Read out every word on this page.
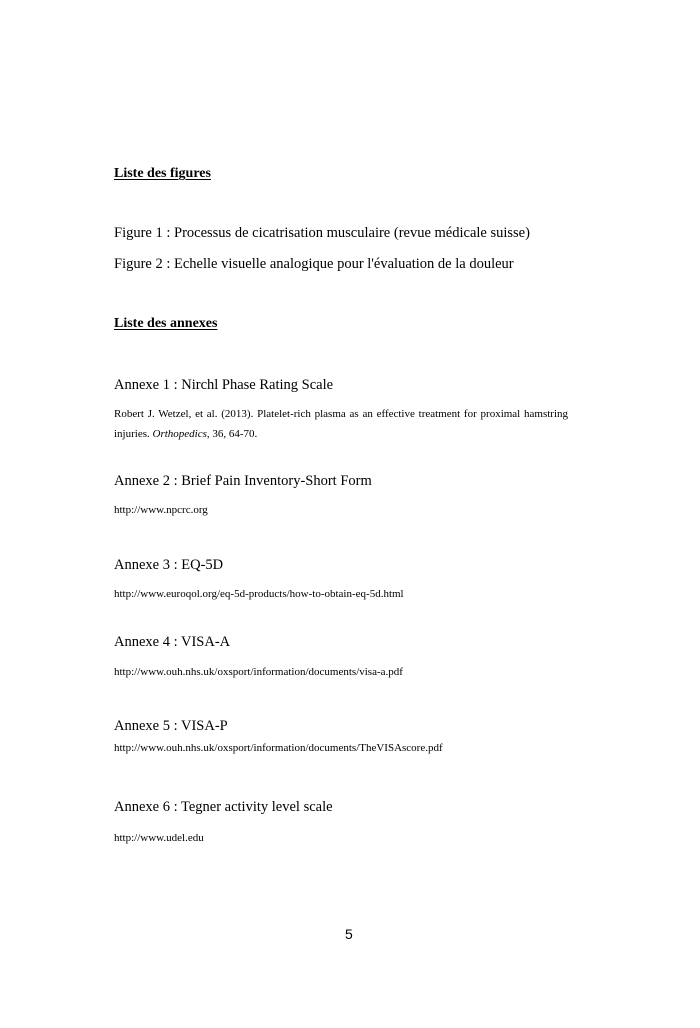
Liste des figures
Figure 1 : Processus de cicatrisation musculaire (revue médicale suisse)
Figure 2 : Echelle visuelle analogique pour l'évaluation de la douleur
Liste des annexes
Annexe 1 : Nirchl Phase Rating Scale
Robert J. Wetzel, et al. (2013). Platelet-rich plasma as an effective treatment for proximal hamstring injuries. Orthopedics, 36, 64-70.
Annexe 2 : Brief Pain Inventory-Short Form
http://www.npcrc.org
Annexe 3 : EQ-5D
http://www.euroqol.org/eq-5d-products/how-to-obtain-eq-5d.html
Annexe 4 : VISA-A
http://www.ouh.nhs.uk/oxsport/information/documents/visa-a.pdf
Annexe 5 : VISA-P
http://www.ouh.nhs.uk/oxsport/information/documents/TheVISAscore.pdf
Annexe 6 : Tegner activity level scale
http://www.udel.edu
5
